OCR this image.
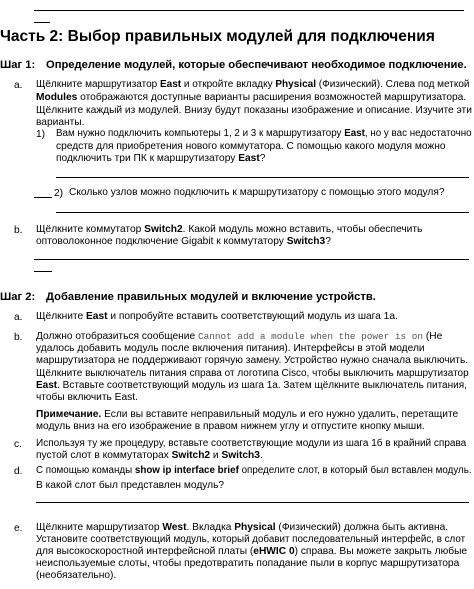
Часть 2: Выбор правильных модулей для подключения
Шаг 1: Определение модулей, которые обеспечивают необходимое подключение.
a. Щёлкните маршрутизатор East и откройте вкладку Physical (Физический). Слева под меткой
Modules отображаются доступные варианты расширения возможностей маршрутизатора.
Щёлкните каждый из модулей. Внизу будут показаны изображение и описание. Изучите эти
варианты.
1) Вам нужно подключить компьютеры 1, 2 и 3 к маршрутизатору East, но у вас недостаточно
средств для приобретения нового коммутатора. С помощью какого модуля можно
подключить три ПК к маршрутизатору East?
2) Сколько узлов можно подключить к маршрутизатору с помощью этого модуля?
b. Щёлкните коммутатор Switch2. Какой модуль можно вставить, чтобы обеспечить
оптоволоконное подключение Gigabit к коммутатору Switch3?
Шаг 2: Добавление правильных модулей и включение устройств.
a. Щёлкните East и попробуйте вставить соответствующий модуль из шага 1a.
b. Должно отобразиться сообщение Cannot add a module when the power is on (Не
удалось добавить модуль после включения питания). Интерфейсы в этой модели
маршрутизатора не поддерживают горячую замену. Устройство нужно сначала выключить.
Щёлкните выключатель питания справа от логотипа Cisco, чтобы выключить маршрутизатор
East. Вставьте соответствующий модуль из шага 1a. Затем щёлкните выключатель питания,
чтобы включить East.
Примечание. Если вы вставите неправильный модуль и его нужно удалить, перетащите
модуль вниз на его изображение в правом нижнем углу и отпустите кнопку мыши.
c. Используя ту же процедуру, вставьте соответствующие модули из шага 1б в крайний справа
пустой слот в коммутаторах Switch2 и Switch3.
d. С помощью команды show ip interface brief определите слот, в который был вставлен модуль.
В какой слот был представлен модуль?
e. Щёлкните маршрутизатор West. Вкладка Physical (Физический) должна быть активна.
Установите соответствующий модуль, который добавит последовательный интерфейс, в слот
для высокоскоростной интерфейсной платы (eHWIC 0) справа. Вы можете закрыть любые
неиспользуемые слоты, чтобы предотвратить попадание пыли в корпус маршрутизатора
(необязательно).
